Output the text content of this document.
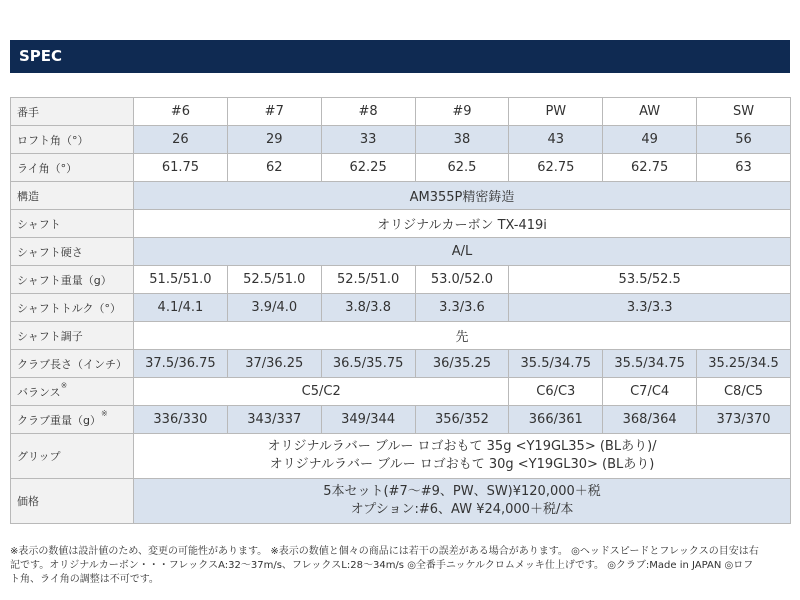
SPEC
番手	#6	#7	#8	#9	PW	AW	SW
ロフト角（°）	26	29	33	38	43	49	56
ライ角（°）	61.75	62	62.25	62.5	62.75	62.75	63
構造	AM355P精密鋳造						
シャフト	オリジナルカーボン TX-419i						
シャフト硬さ	A/L						
シャフト重量（g）	51.5/51.0	52.5/51.0	52.5/51.0	53.0/52.0	53.5/52.5		
シャフトトルク（°）	4.1/4.1	3.9/4.0	3.8/3.8	3.3/3.6	3.3/3.3		
シャフト調子	先						
クラブ長さ（インチ）	37.5/36.75	37/36.25	36.5/35.75	36/35.25	35.5/34.75	35.5/34.75	35.25/34.5
バランス※	C5/C2				C6/C3	C7/C4	C8/C5
クラブ重量（g）※	336/330	343/337	349/344	356/352	366/361	368/364	373/370
グリップ	オリジナルラバー ブルー ロゴおもて 35g <Y19GL35> (BLあり)/
オリジナルラバー ブルー ロゴおもて 30g <Y19GL30> (BLあり)						

価格	5本セット(#7～#9、PW、SW)¥120,000＋税
オプション:#6、AW ¥24,000＋税/本						
※表示の数値は設計値のため、変更の可能性があります。 ※表示の数値と個々の商品には若干の誤差がある場合があります。 ◎ヘッドスピードとフレックスの目安は右
記です。オリジナルカーボン・・・フレックスA:32～37m/s、フレックスL:28～34m/s ◎全番手ニッケルクロムメッキ仕上げです。 ◎クラブ:Made in JAPAN ◎ロフ
ト角、ライ角の調整は不可です。
